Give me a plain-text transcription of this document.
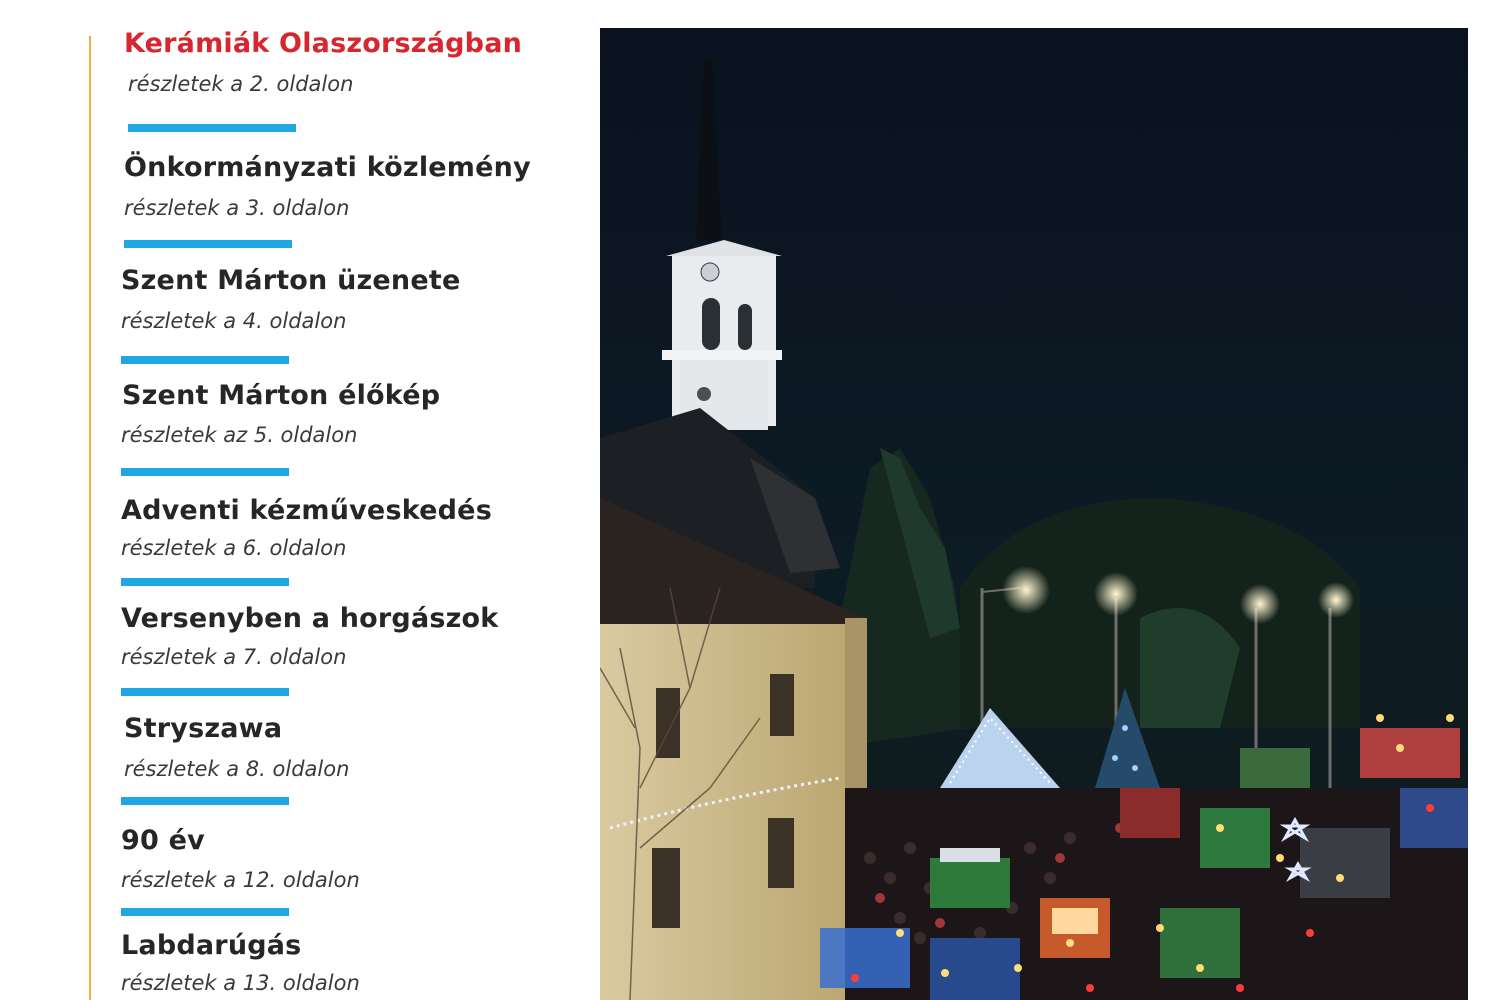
Kerámiák Olaszországban
részletek a 2. oldalon
Önkormányzati közlemény
részletek a 3. oldalon
Szent Márton üzenete
részletek a 4. oldalon
Szent Márton élőkép
részletek az 5. oldalon
Adventi kézműveskedés
részletek a 6. oldalon
Versenyben a horgászok
részletek a 7. oldalon
Stryszawa
részletek a 8. oldalon
90 év
részletek a 12. oldalon
Labdarúgás
részletek a 13. oldalon
